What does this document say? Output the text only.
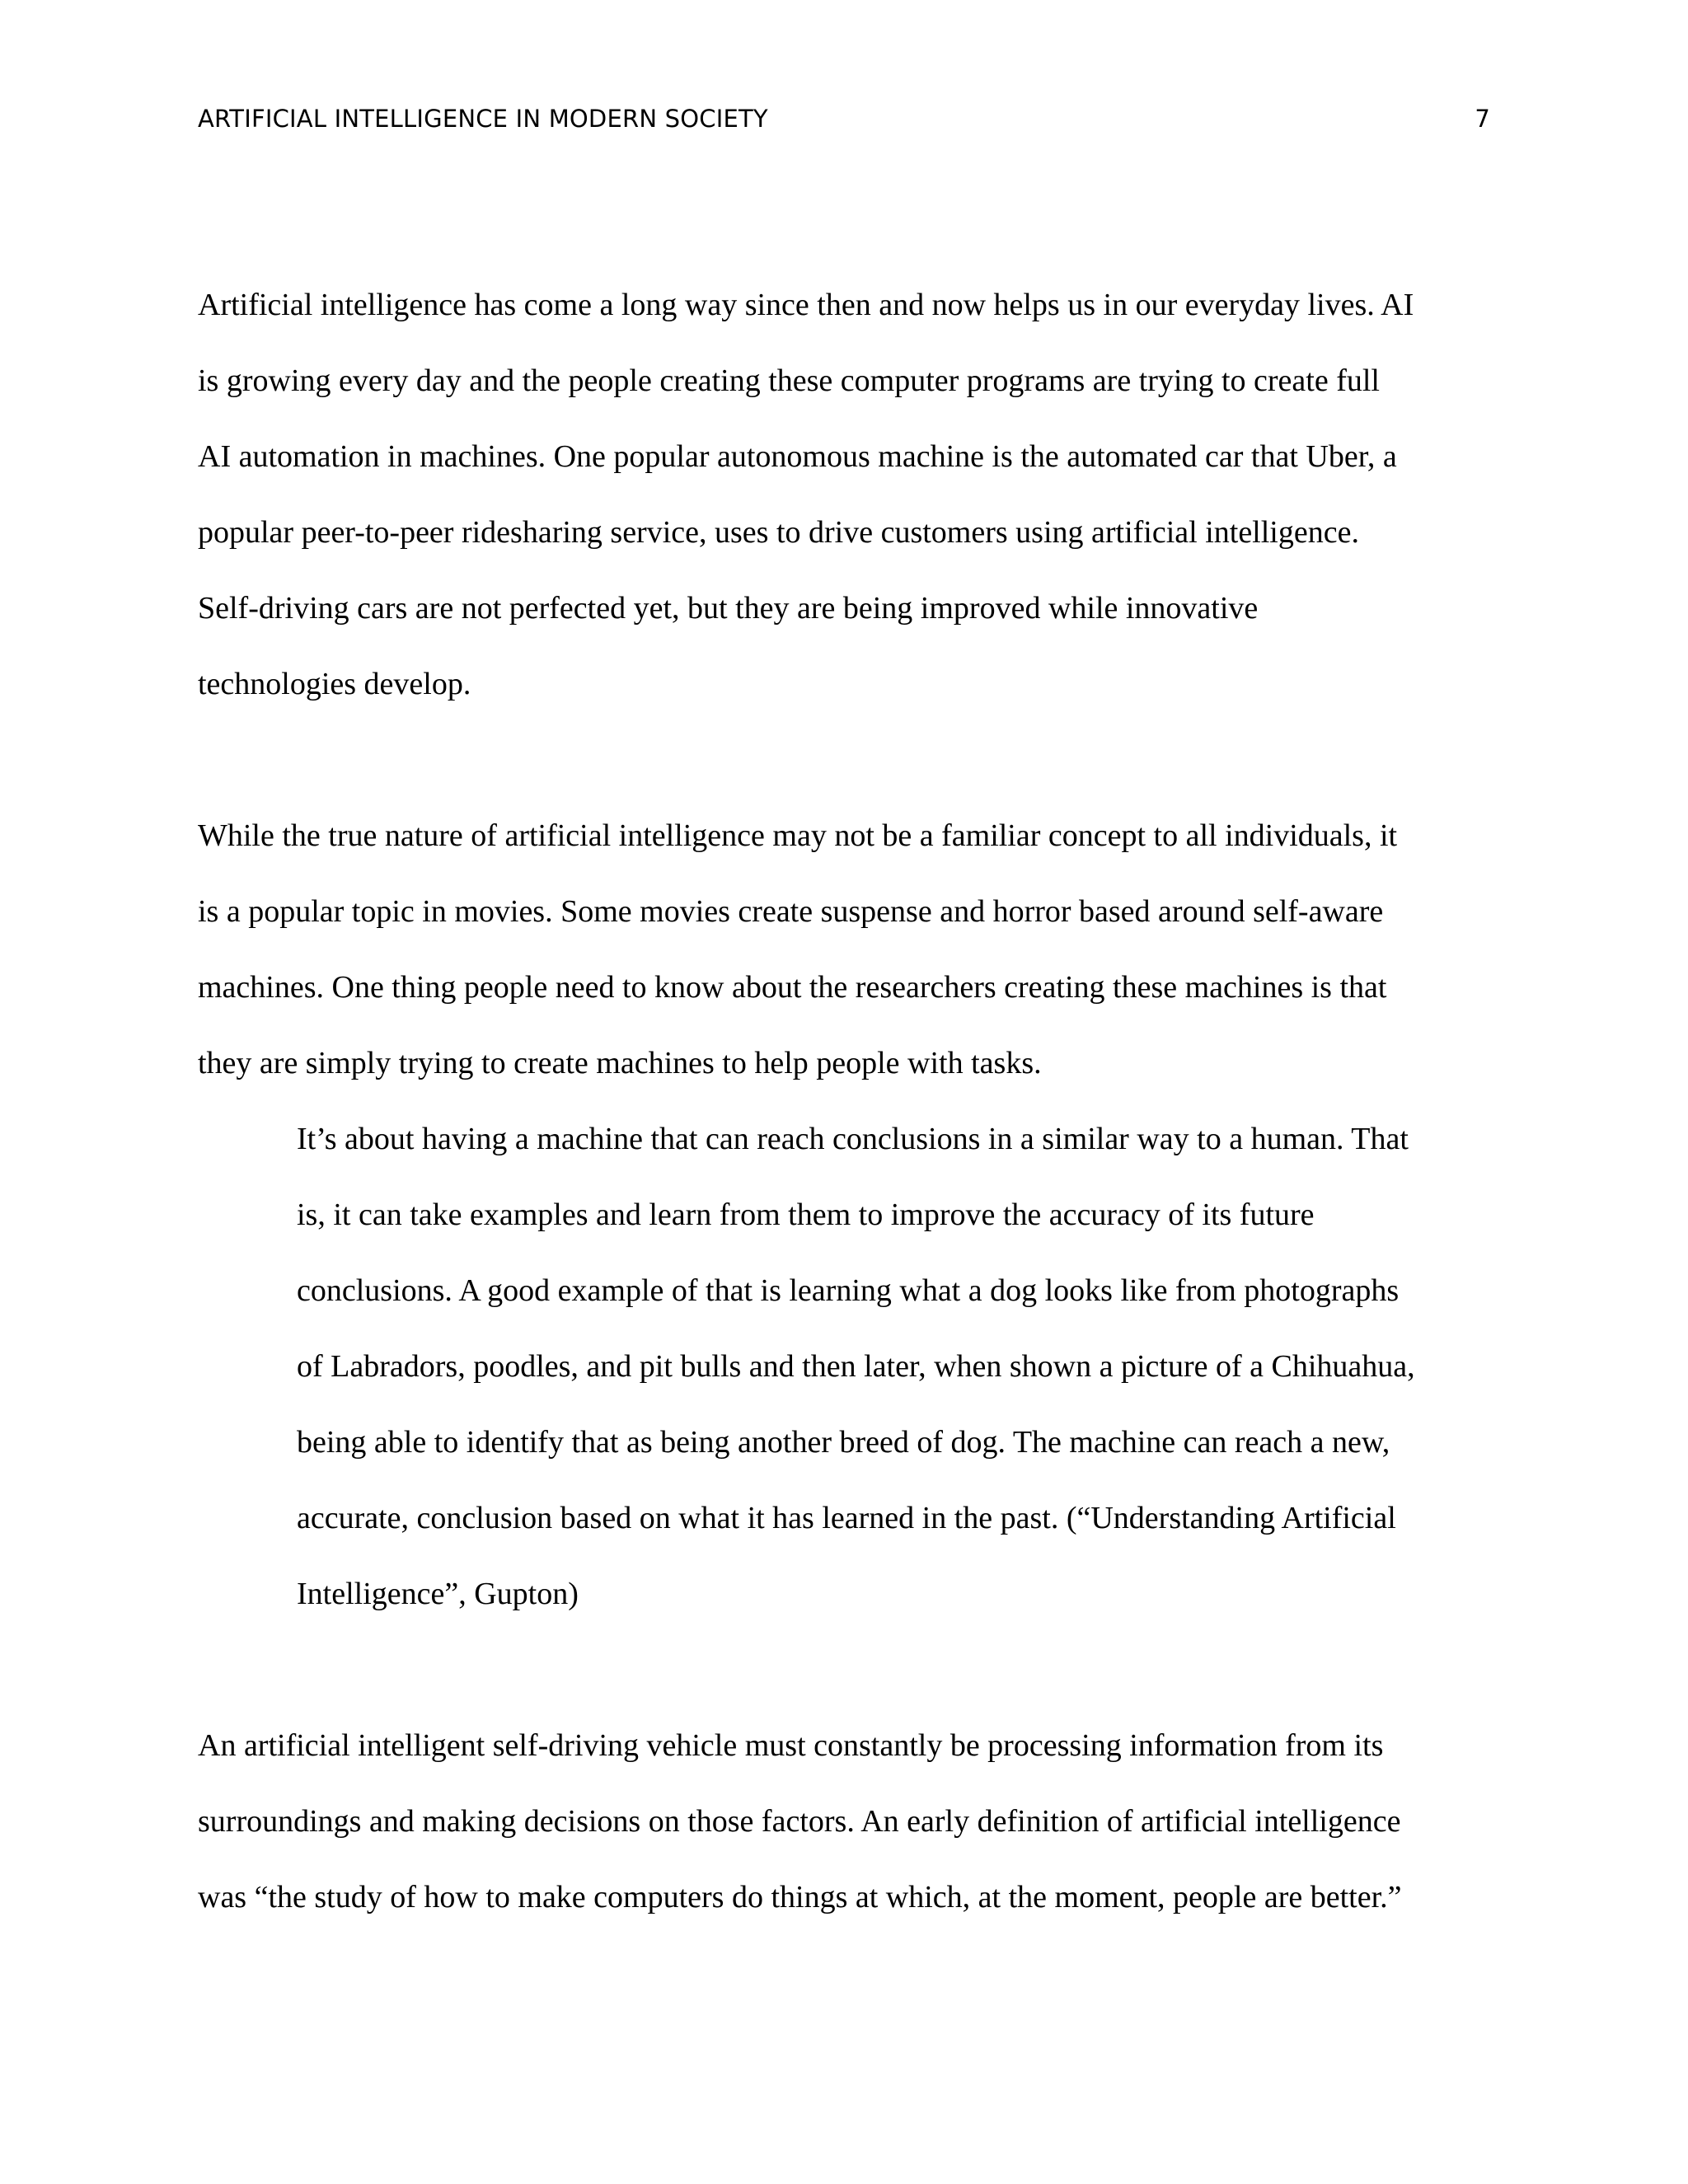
ARTIFICIAL INTELLIGENCE IN MODERN SOCIETY	7

Artificial intelligence has come a long way since then and now helps us in our everyday lives. AI
is growing every day and the people creating these computer programs are trying to create full
AI automation in machines. One popular autonomous machine is the automated car that Uber, a
popular peer-to-peer ridesharing service, uses to drive customers using artificial intelligence.
Self-driving cars are not perfected yet, but they are being improved while innovative
technologies develop.

While the true nature of artificial intelligence may not be a familiar concept to all individuals, it
is a popular topic in movies. Some movies create suspense and horror based around self-aware
machines. One thing people need to know about the researchers creating these machines is that
they are simply trying to create machines to help people with tasks.

It’s about having a machine that can reach conclusions in a similar way to a human. That
is, it can take examples and learn from them to improve the accuracy of its future
conclusions. A good example of that is learning what a dog looks like from photographs
of Labradors, poodles, and pit bulls and then later, when shown a picture of a Chihuahua,
being able to identify that as being another breed of dog. The machine can reach a new,
accurate, conclusion based on what it has learned in the past. (“Understanding Artificial
Intelligence”, Gupton)

An artificial intelligent self-driving vehicle must constantly be processing information from its
surroundings and making decisions on those factors. An early definition of artificial intelligence
was “the study of how to make computers do things at which, at the moment, people are better.”
